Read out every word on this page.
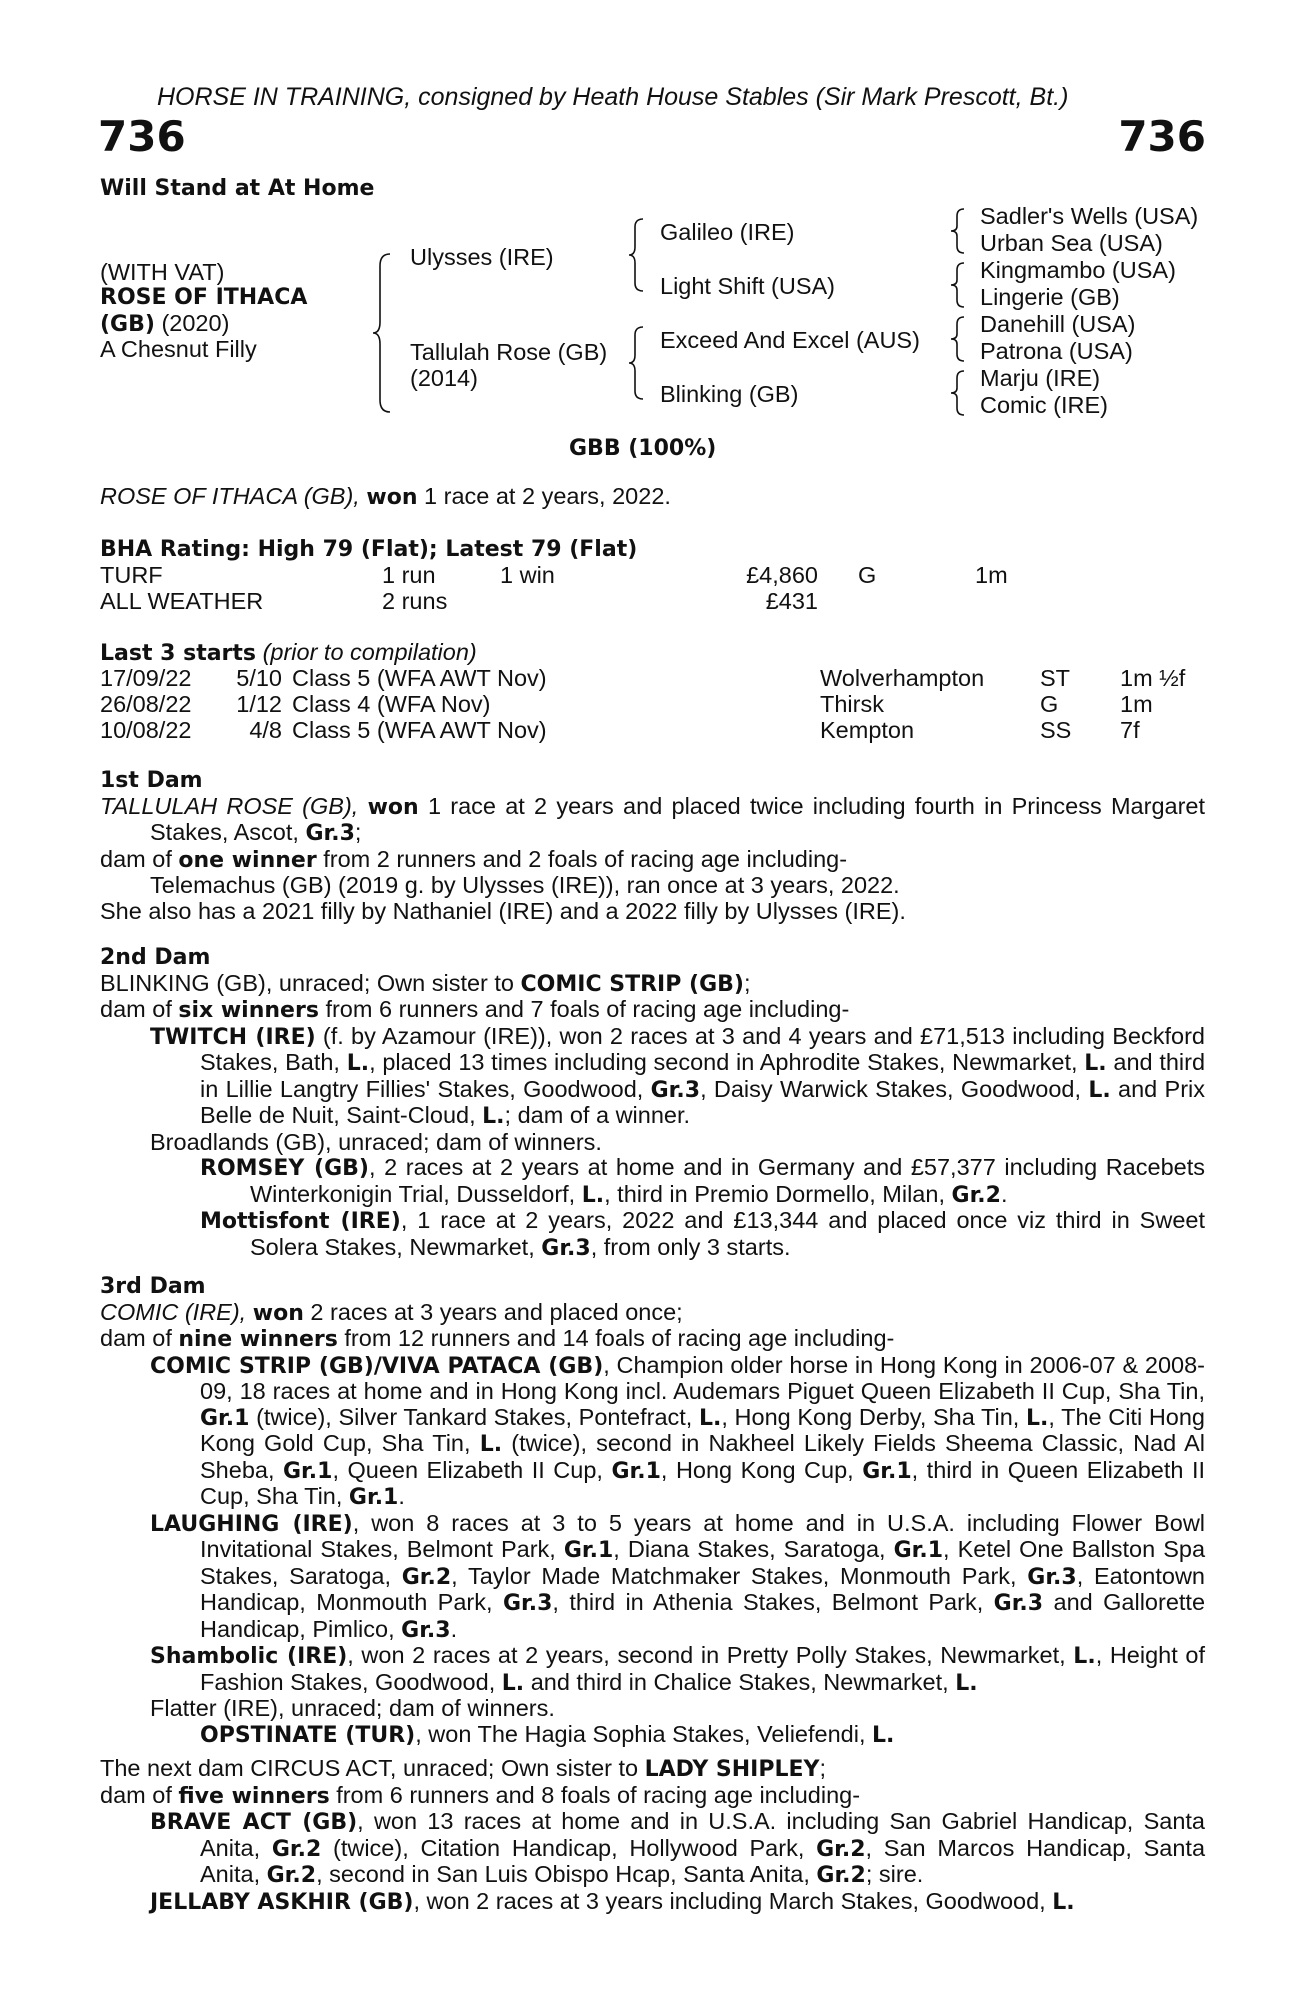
HORSE IN TRAINING, consigned by Heath House Stables (Sir Mark Prescott, Bt.)
736	736
Will Stand at At Home
(WITH VAT)
ROSE OF ITHACA
(GB) (2020)
A Chesnut Filly
Ulysses (IRE)
Tallulah Rose (GB)
(2014)
Galileo (IRE)
Light Shift (USA)
Exceed And Excel (AUS)
Blinking (GB)
Sadler's Wells (USA)
Urban Sea (USA)
Kingmambo (USA)
Lingerie (GB)
Danehill (USA)
Patrona (USA)
Marju (IRE)
Comic (IRE)
GBB (100%)
ROSE OF ITHACA (GB), won 1 race at 2 years, 2022.
BHA Rating: High 79 (Flat); Latest 79 (Flat)
TURF	1 run	1 win	£4,860 G	1m
ALL WEATHER	2 runs	£431
Last 3 starts (prior to compilation)
17/09/22	5/10 Class 5 (WFA AWT Nov)	Wolverhampton ST 1m ½f
26/08/22	1/12 Class 4 (WFA Nov)	Thirsk	G	1m
10/08/22	4/8 Class 5 (WFA AWT Nov)	Kempton	SS 7f
1st Dam

TALLULAH ROSE (GB), won 1 race at 2 years and placed twice including fourth in Princess Margaret Stakes, Ascot, Gr.3;

dam of one winner from 2 runners and 2 foals of racing age including-

Telemachus (GB) (2019 g. by Ulysses (IRE)), ran once at 3 years, 2022.

She also has a 2021 filly by Nathaniel (IRE) and a 2022 filly by Ulysses (IRE).

2nd Dam

BLINKING (GB), unraced; Own sister to COMIC STRIP (GB);

dam of six winners from 6 runners and 7 foals of racing age including-

TWITCH (IRE) (f. by Azamour (IRE)), won 2 races at 3 and 4 years and £71,513 including Beckford Stakes, Bath, L., placed 13 times including second in Aphrodite Stakes, Newmarket, L. and third in Lillie Langtry Fillies' Stakes, Goodwood, Gr.3, Daisy Warwick Stakes, Goodwood, L. and Prix Belle de Nuit, Saint-Cloud, L.; dam of a winner.

Broadlands (GB), unraced; dam of winners.

ROMSEY (GB), 2 races at 2 years at home and in Germany and £57,377 including Racebets Winterkonigin Trial, Dusseldorf, L., third in Premio Dormello, Milan, Gr.2.

Mottisfont (IRE), 1 race at 2 years, 2022 and £13,344 and placed once viz third in Sweet Solera Stakes, Newmarket, Gr.3, from only 3 starts.

3rd Dam

COMIC (IRE), won 2 races at 3 years and placed once;

dam of nine winners from 12 runners and 14 foals of racing age including-

COMIC STRIP (GB)/VIVA PATACA (GB), Champion older horse in Hong Kong in 2006-07 & 2008-09, 18 races at home and in Hong Kong incl. Audemars Piguet Queen Elizabeth II Cup, Sha Tin, Gr.1 (twice), Silver Tankard Stakes, Pontefract, L., Hong Kong Derby, Sha Tin, L., The Citi Hong Kong Gold Cup, Sha Tin, L. (twice), second in Nakheel Likely Fields Sheema Classic, Nad Al Sheba, Gr.1, Queen Elizabeth II Cup, Gr.1, Hong Kong Cup, Gr.1, third in Queen Elizabeth II Cup, Sha Tin, Gr.1.

LAUGHING (IRE), won 8 races at 3 to 5 years at home and in U.S.A. including Flower Bowl Invitational Stakes, Belmont Park, Gr.1, Diana Stakes, Saratoga, Gr.1, Ketel One Ballston Spa Stakes, Saratoga, Gr.2, Taylor Made Matchmaker Stakes, Monmouth Park, Gr.3, Eatontown Handicap, Monmouth Park, Gr.3, third in Athenia Stakes, Belmont Park, Gr.3 and Gallorette Handicap, Pimlico, Gr.3.

Shambolic (IRE), won 2 races at 2 years, second in Pretty Polly Stakes, Newmarket, L., Height of Fashion Stakes, Goodwood, L. and third in Chalice Stakes, Newmarket, L.

Flatter (IRE), unraced; dam of winners.

OPSTINATE (TUR), won The Hagia Sophia Stakes, Veliefendi, L.

The next dam CIRCUS ACT, unraced; Own sister to LADY SHIPLEY;

dam of five winners from 6 runners and 8 foals of racing age including-

BRAVE ACT (GB), won 13 races at home and in U.S.A. including San Gabriel Handicap, Santa Anita, Gr.2 (twice), Citation Handicap, Hollywood Park, Gr.2, San Marcos Handicap, Santa Anita, Gr.2, second in San Luis Obispo Hcap, Santa Anita, Gr.2; sire.

JELLABY ASKHIR (GB), won 2 races at 3 years including March Stakes, Goodwood, L.
